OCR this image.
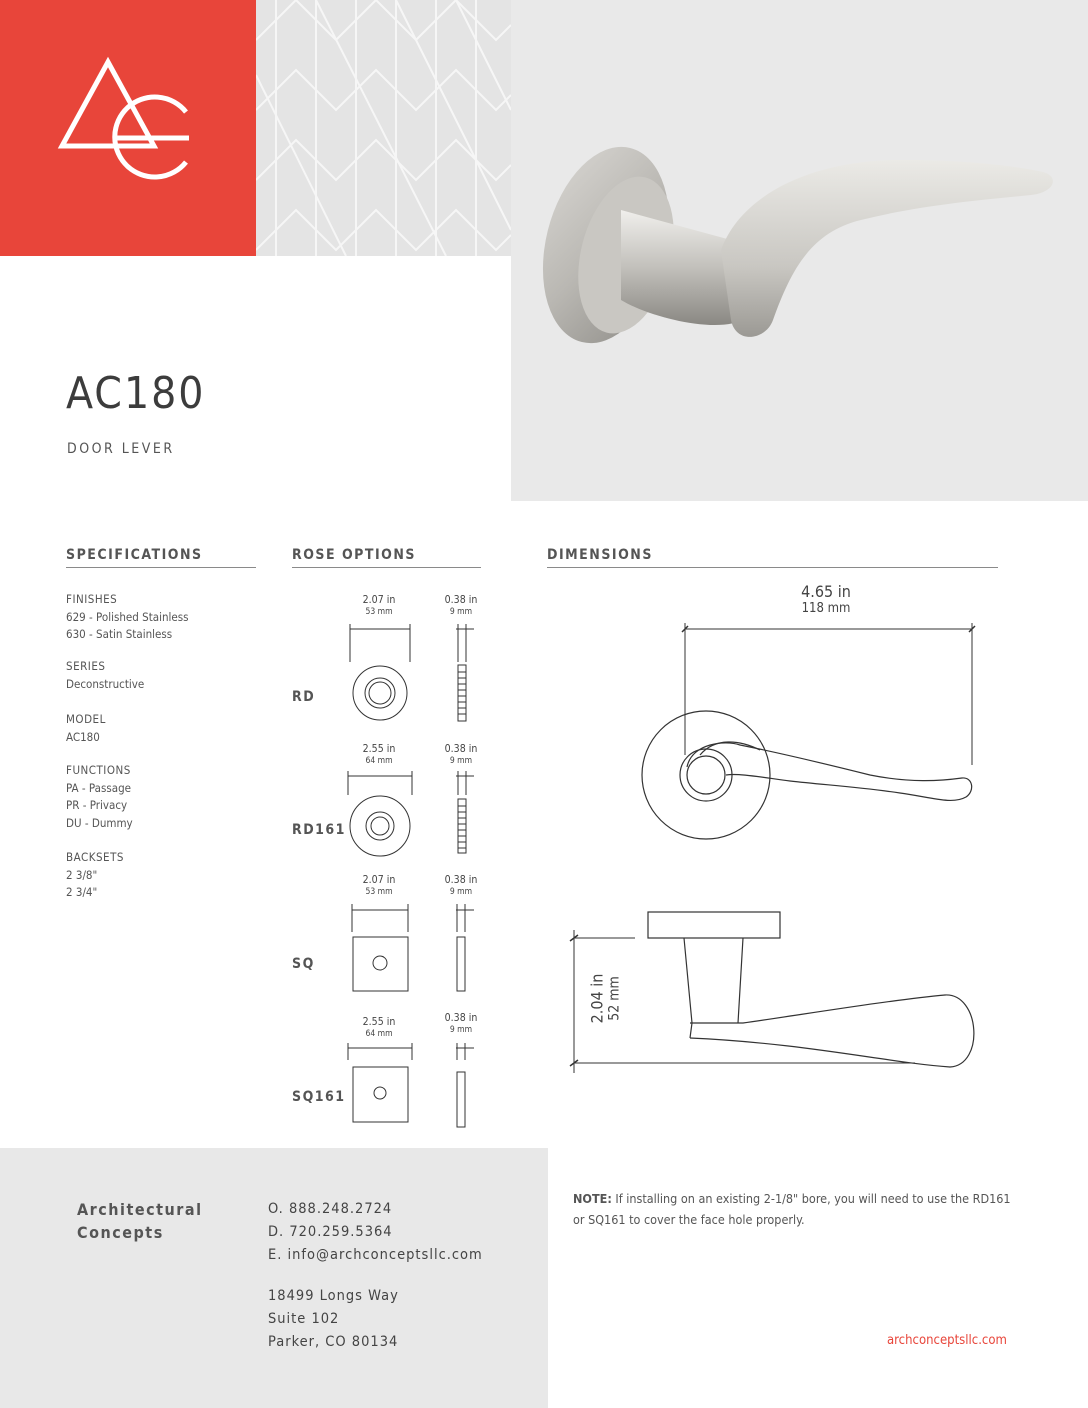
AC180
DOOR LEVER
SPECIFICATIONS	ROSE OPTIONS	DIMENSIONS
FINISHES
629 - Polished Stainless
630 - Satin Stainless
SERIES
Deconstructive
MODEL
AC180
FUNCTIONS
PA - Passage
PR - Privacy
DU - Dummy
BACKSETS
2 3/8"
2 3/4"
RD
2.07 in
53 mm
0.38 in
9 mm
RD161
2.55 in
64 mm
0.38 in
9 mm
SQ
2.07 in
53 mm
0.38 in
9 mm
SQ161
2.55 in
64 mm
0.38 in
9 mm
4.65 in
118 mm
2.04 in 52 mm
Architectural
Concepts
O. 888.248.2724
D. 720.259.5364
E. info@archconceptsllc.com
18499 Longs Way
Suite 102
Parker, CO 80134
NOTE: If installing on an existing 2-1/8" bore, you will need to use the RD161 or SQ161 to cover the face hole properly.
archconceptsllc.com
